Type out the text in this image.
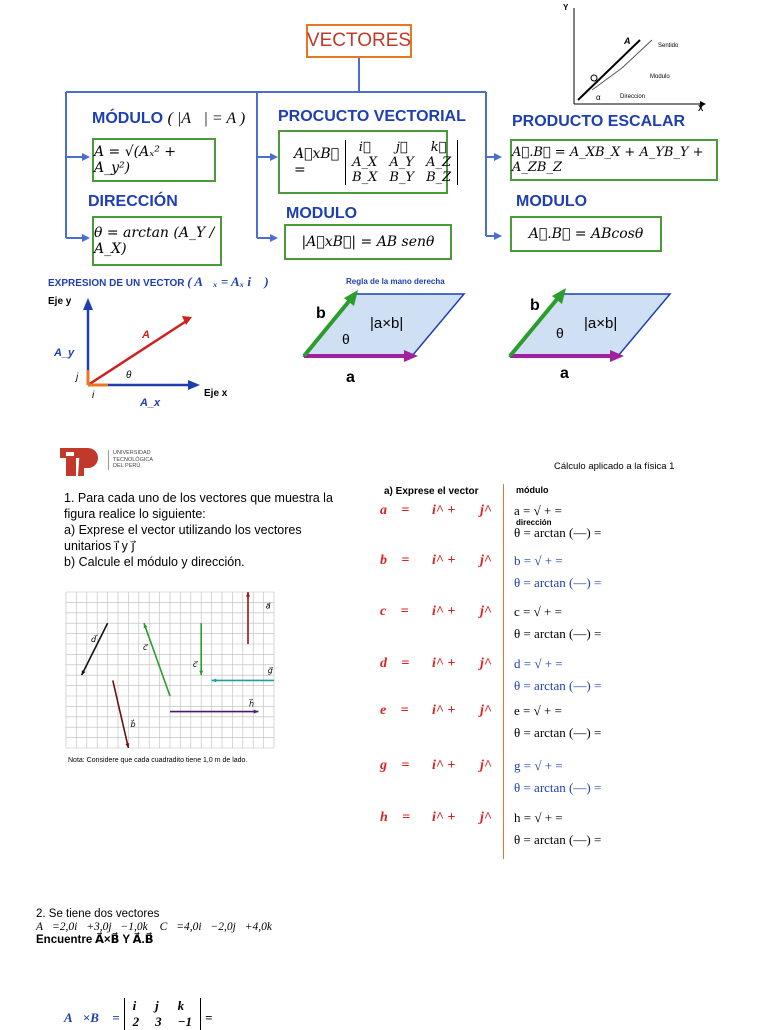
VECTORES
MÓDULO ( |A⃗| = A )
A = √(Aₓ² + A_y²)
DIRECCIÓN
θ = arctan (A_Y / A_X)
PROCUCTO VECTORIAL
A⃗xB⃗ =
i⃗	j⃗	k⃗
A_X	A_Y	A_Z
B_X	B_Y	B_Z
MODULO
|A⃗xB⃗| = AB senθ
PRODUCTO ESCALAR
A⃗.B⃗ = A_XB_X + A_YB_Y + A_ZB_Z
MODULO
A⃗.B⃗ = ABcosθ
Y
X
A	Sentido
Modulo
Direccion
α
EXPRESION DE UN VECTOR ( A⃗ₓ = Aₓ i⃗ )
Eje y
Eje x
A
A_y
A_x
θ
i
j
Regla de la mano derecha
b
a
|a×b|
θ
b
a
|a×b|
θ
UNIVERSIDAD
TECNOLÓGICA
DEL PERÚ	Cálculo aplicado a la física 1
1. Para cada uno de los vectores que muestra la
figura realice lo siguiente:
a) Exprese el vector utilizando los vectores
unitarios i⃗ y j⃗
b) Calcule el módulo y dirección.
a⃗
b⃗
c⃗
c⃗
d⃗
g⃗
h⃗
Nota: Considere que cada cuadradito tiene 1,0 m de lado.
a) Exprese el vector	módulo
dirección
a⃗ = i^ + j^ a = √ + =
θ = arctan (—) =
b⃗ = i^ + j^ b = √ + =
θ = arctan (—) =
c⃗ = i^ + j^ c = √ + =
θ = arctan (—) =
d⃗ = i^ + j^ d = √ + =
θ = arctan (—) =
e⃗ = i^ + j^ e = √ + =
θ = arctan (—) =
g⃗ = i^ + j^ g = √ + =
θ = arctan (—) =
h⃗ = i^ + j^ h = √ + =
θ = arctan (—) =
2. Se tiene dos vectores
A⃗=2,0i⃗+3,0j⃗−1,0k⃗ C⃗=4,0i⃗−2,0j⃗+4,0k⃗
Encuentre A⃗×B⃗ Y A⃗.B⃗
A⃗×B⃗ =
i	j	k
2	3	−1 =
